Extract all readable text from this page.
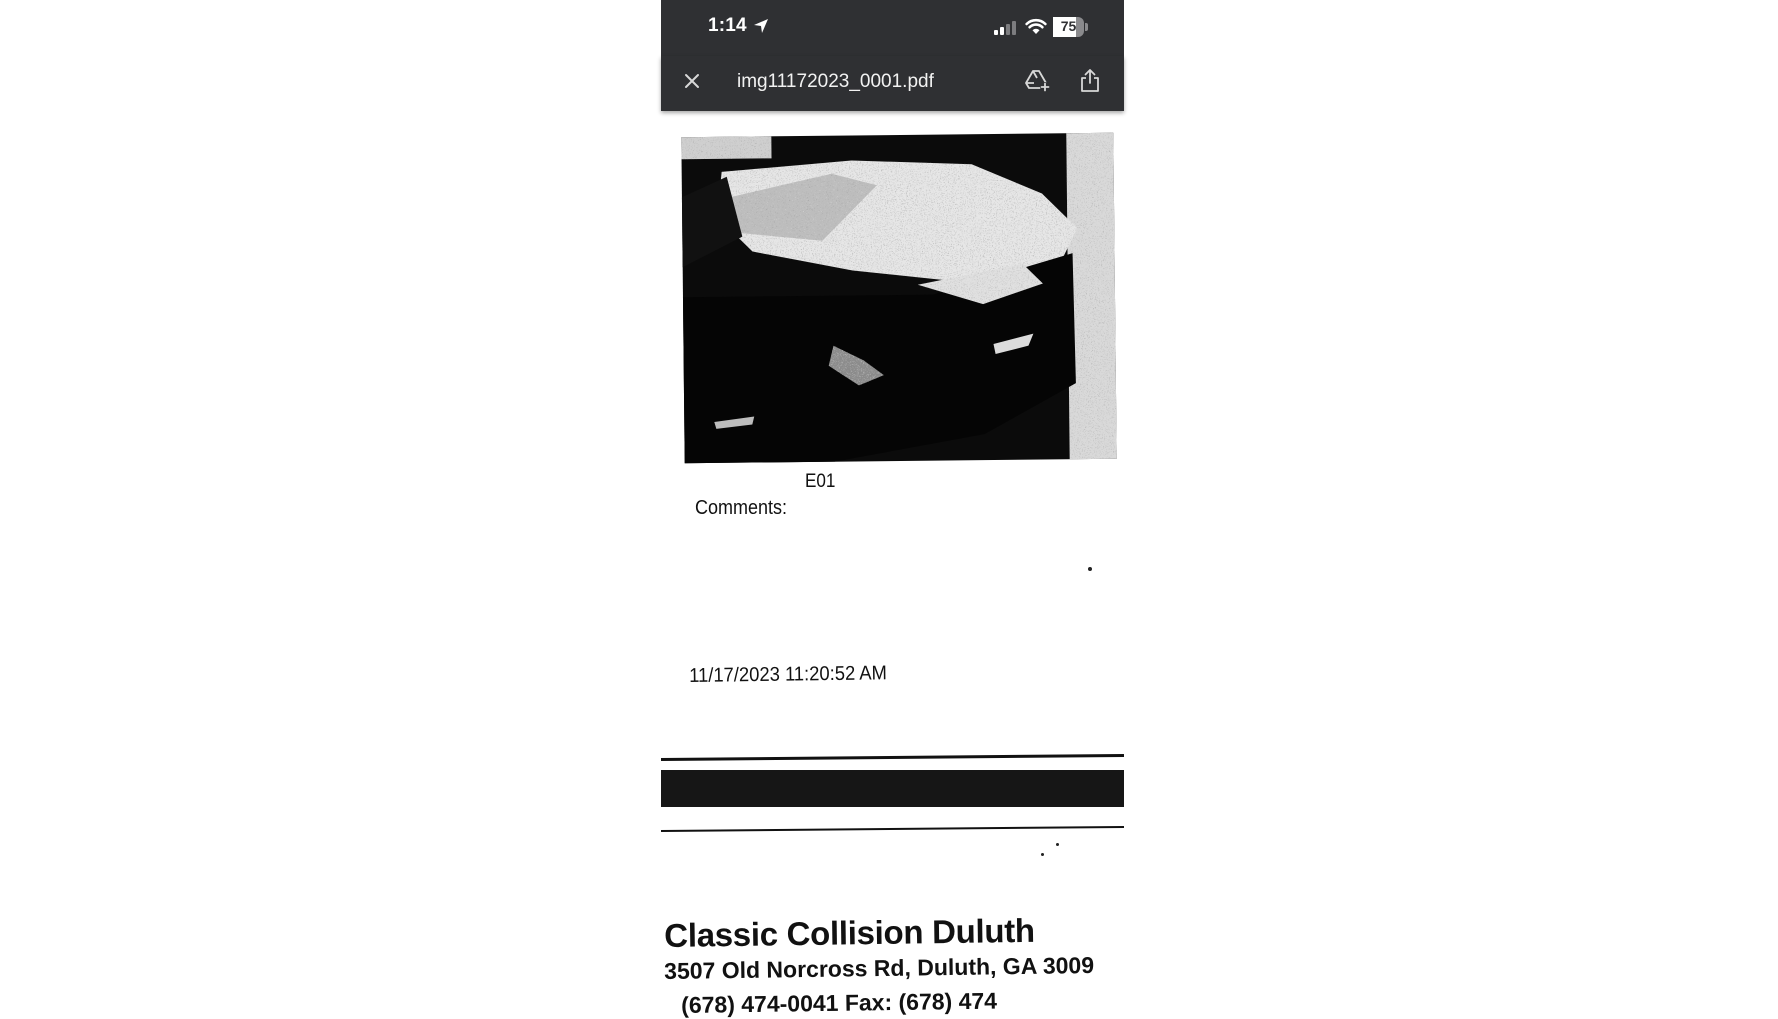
1:14	75
img11172023_0001.pdf
E01
Comments:
11/17/2023 11:20:52 AM
Classic Collision Duluth
3507 Old Norcross Rd, Duluth, GA 3009
(678) 474-0041 Fax: (678) 474
